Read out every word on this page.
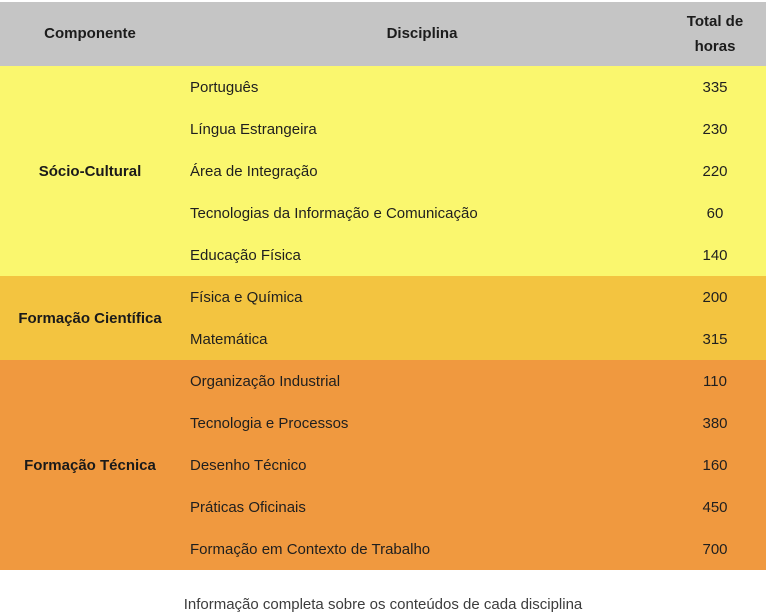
Componente	Disciplina	Total de horas
Sócio-Cultural	Português	335
	Língua Estrangeira	230
	Área de Integração	220
	Tecnologias da Informação e Comunicação	60
	Educação Física	140
Formação Científica	Física e Química	200
	Matemática	315
Formação Técnica	Organização Industrial	110
	Tecnologia e Processos	380
	Desenho Técnico	160
	Práticas Oficinais	450
	Formação em Contexto de Trabalho	700
Informação completa sobre os conteúdos de cada disciplina
